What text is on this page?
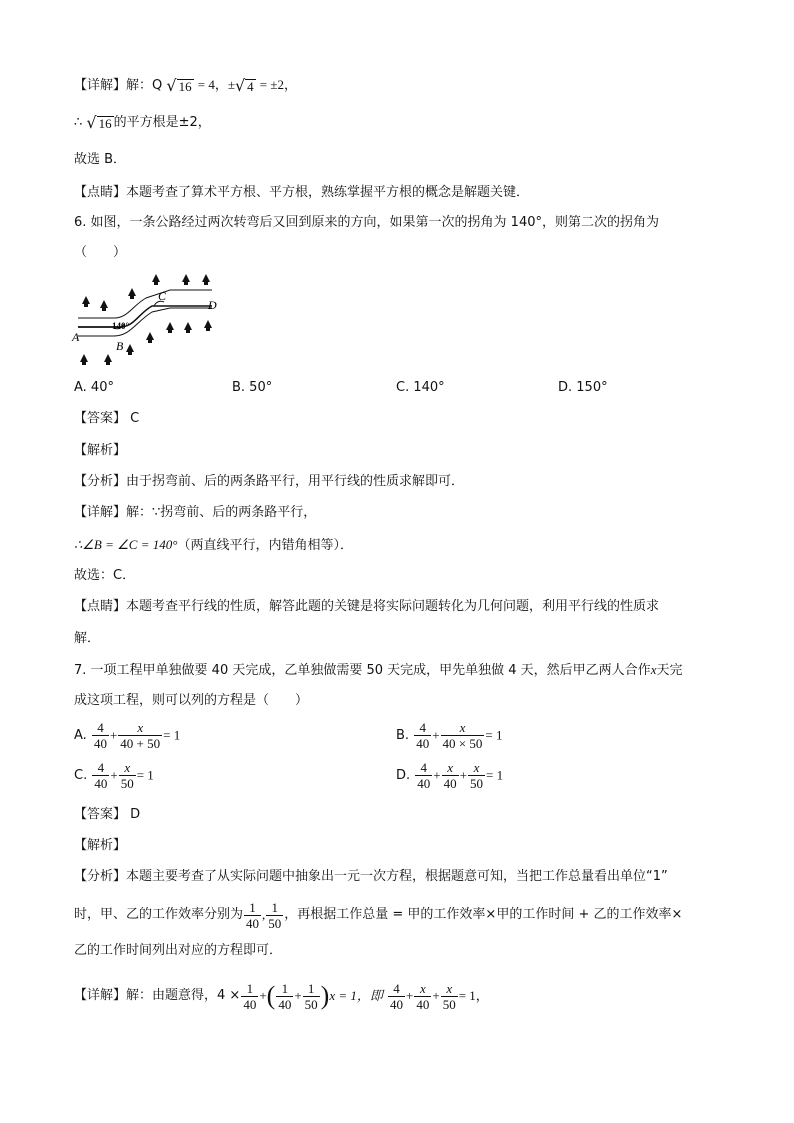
【详解】解：Q √ 16 = 4，± √ 4 = ±2，
∴ √ 16 的平方根是±2，
故选 B．
【点睛】本题考查了算术平方根、平方根，熟练掌握平方根的概念是解题关键．
6. 如图，一条公路经过两次转弯后又回到原来的方向，如果第一次的拐角为 140°，则第二次的拐角为
（　　）
A
B
C
D
140°
A. 40°	B. 50°	C. 140°	D. 150°
【答案】 C
【解析】
【分析】由于拐弯前、后的两条路平行，用平行线的性质求解即可．
【详解】解：∵拐弯前、后的两条路平行，
∴∠B = ∠C = 140°（两直线平行，内错角相等）．
故选：C．
【点睛】本题考查平行线的性质，解答此题的关键是将实际问题转化为几何问题，利用平行线的性质求
解．
7. 一项工程甲单独做要 40 天完成，乙单独做需要 50 天完成，甲先单独做 4 天，然后甲乙两人合作x天完
成这项工程，则可以列的方程是（　　）
A. $\frac{4}{40} + \frac{x}{40 + 50} = 1$	B. $\frac{4}{40} + \frac{x}{40 \times 50} = 1$
C. $\frac{4}{40} + \frac{x}{50} = 1$	D. $\frac{4}{40} + \frac{x}{40} + \frac{x}{50} = 1$
【答案】 D
【解析】
【分析】本题主要考查了从实际问题中抽象出一元一次方程，根据题意可知，当把工作总量看出单位“1”
时，甲、乙的工作效率分别为 $\frac{1}{40}$ , $\frac{1}{50}$ ，再根据工作总量 = 甲的工作效率×甲的工作时间 + 乙的工作效率×
乙的工作时间列出对应的方程即可．
【详解】解：由题意得，$4 \times \frac{1}{40}$ +( $\frac{1}{40} + \frac{1}{50} )x = 1$，即 $\frac{4}{40} + \frac{x}{40} + \frac{x}{50} = 1$，
